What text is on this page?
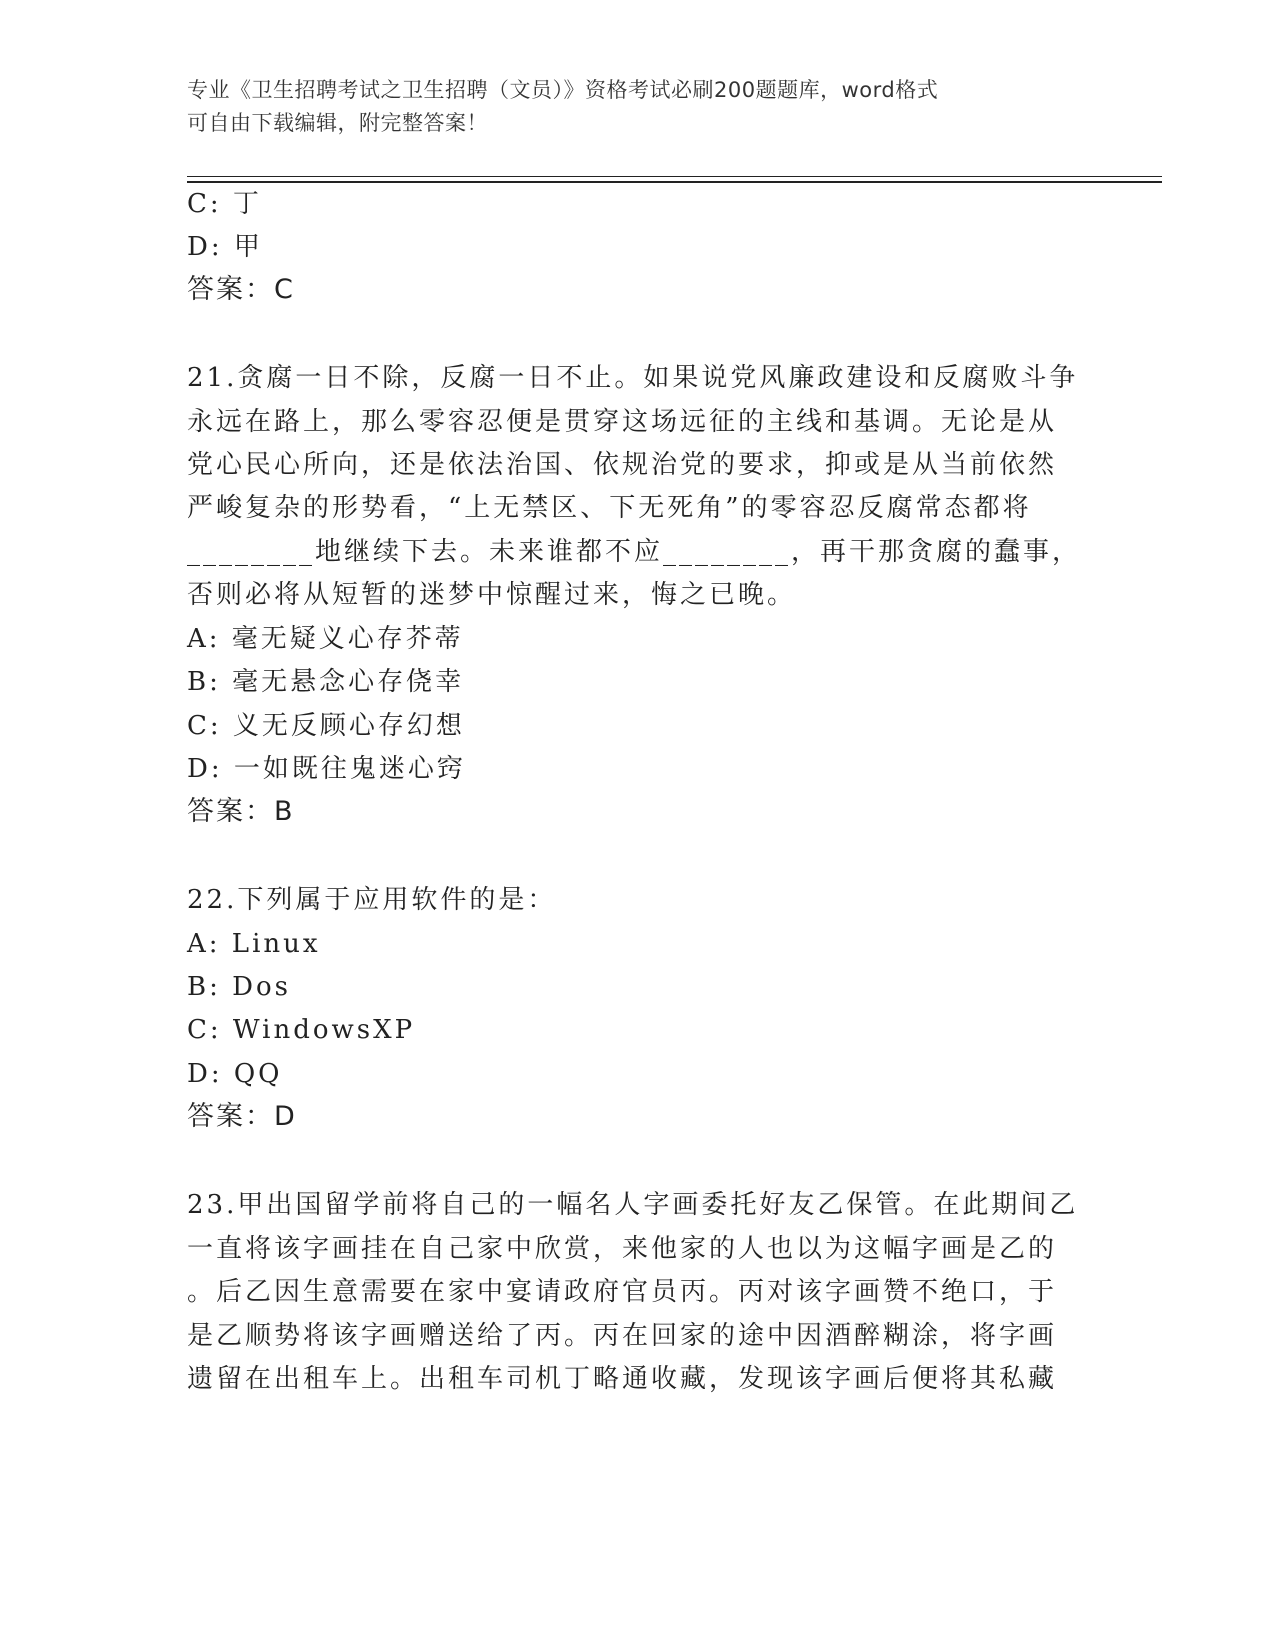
专业《卫生招聘考试之卫生招聘（文员）》资格考试必刷200题题库，word格式
可自由下载编辑，附完整答案！
C: 丁
D: 甲
答案：C
21.贪腐一日不除，反腐一日不止。如果说党风廉政建设和反腐败斗争
永远在路上，那么零容忍便是贯穿这场远征的主线和基调。无论是从
党心民心所向，还是依法治国、依规治党的要求，抑或是从当前依然
严峻复杂的形势看，“上无禁区、下无死角”的零容忍反腐常态都将
________地继续下去。未来谁都不应________，再干那贪腐的蠢事，
否则必将从短暂的迷梦中惊醒过来，悔之已晚。
A: 毫无疑义心存芥蒂
B: 毫无悬念心存侥幸
C: 义无反顾心存幻想
D: 一如既往鬼迷心窍
答案：B
22.下列属于应用软件的是：
A: Linux
B: Dos
C: WindowsXP
D: QQ
答案：D
23.甲出国留学前将自己的一幅名人字画委托好友乙保管。在此期间乙
一直将该字画挂在自己家中欣赏，来他家的人也以为这幅字画是乙的
。后乙因生意需要在家中宴请政府官员丙。丙对该字画赞不绝口，于
是乙顺势将该字画赠送给了丙。丙在回家的途中因酒醉糊涂，将字画
遗留在出租车上。出租车司机丁略通收藏，发现该字画后便将其私藏
